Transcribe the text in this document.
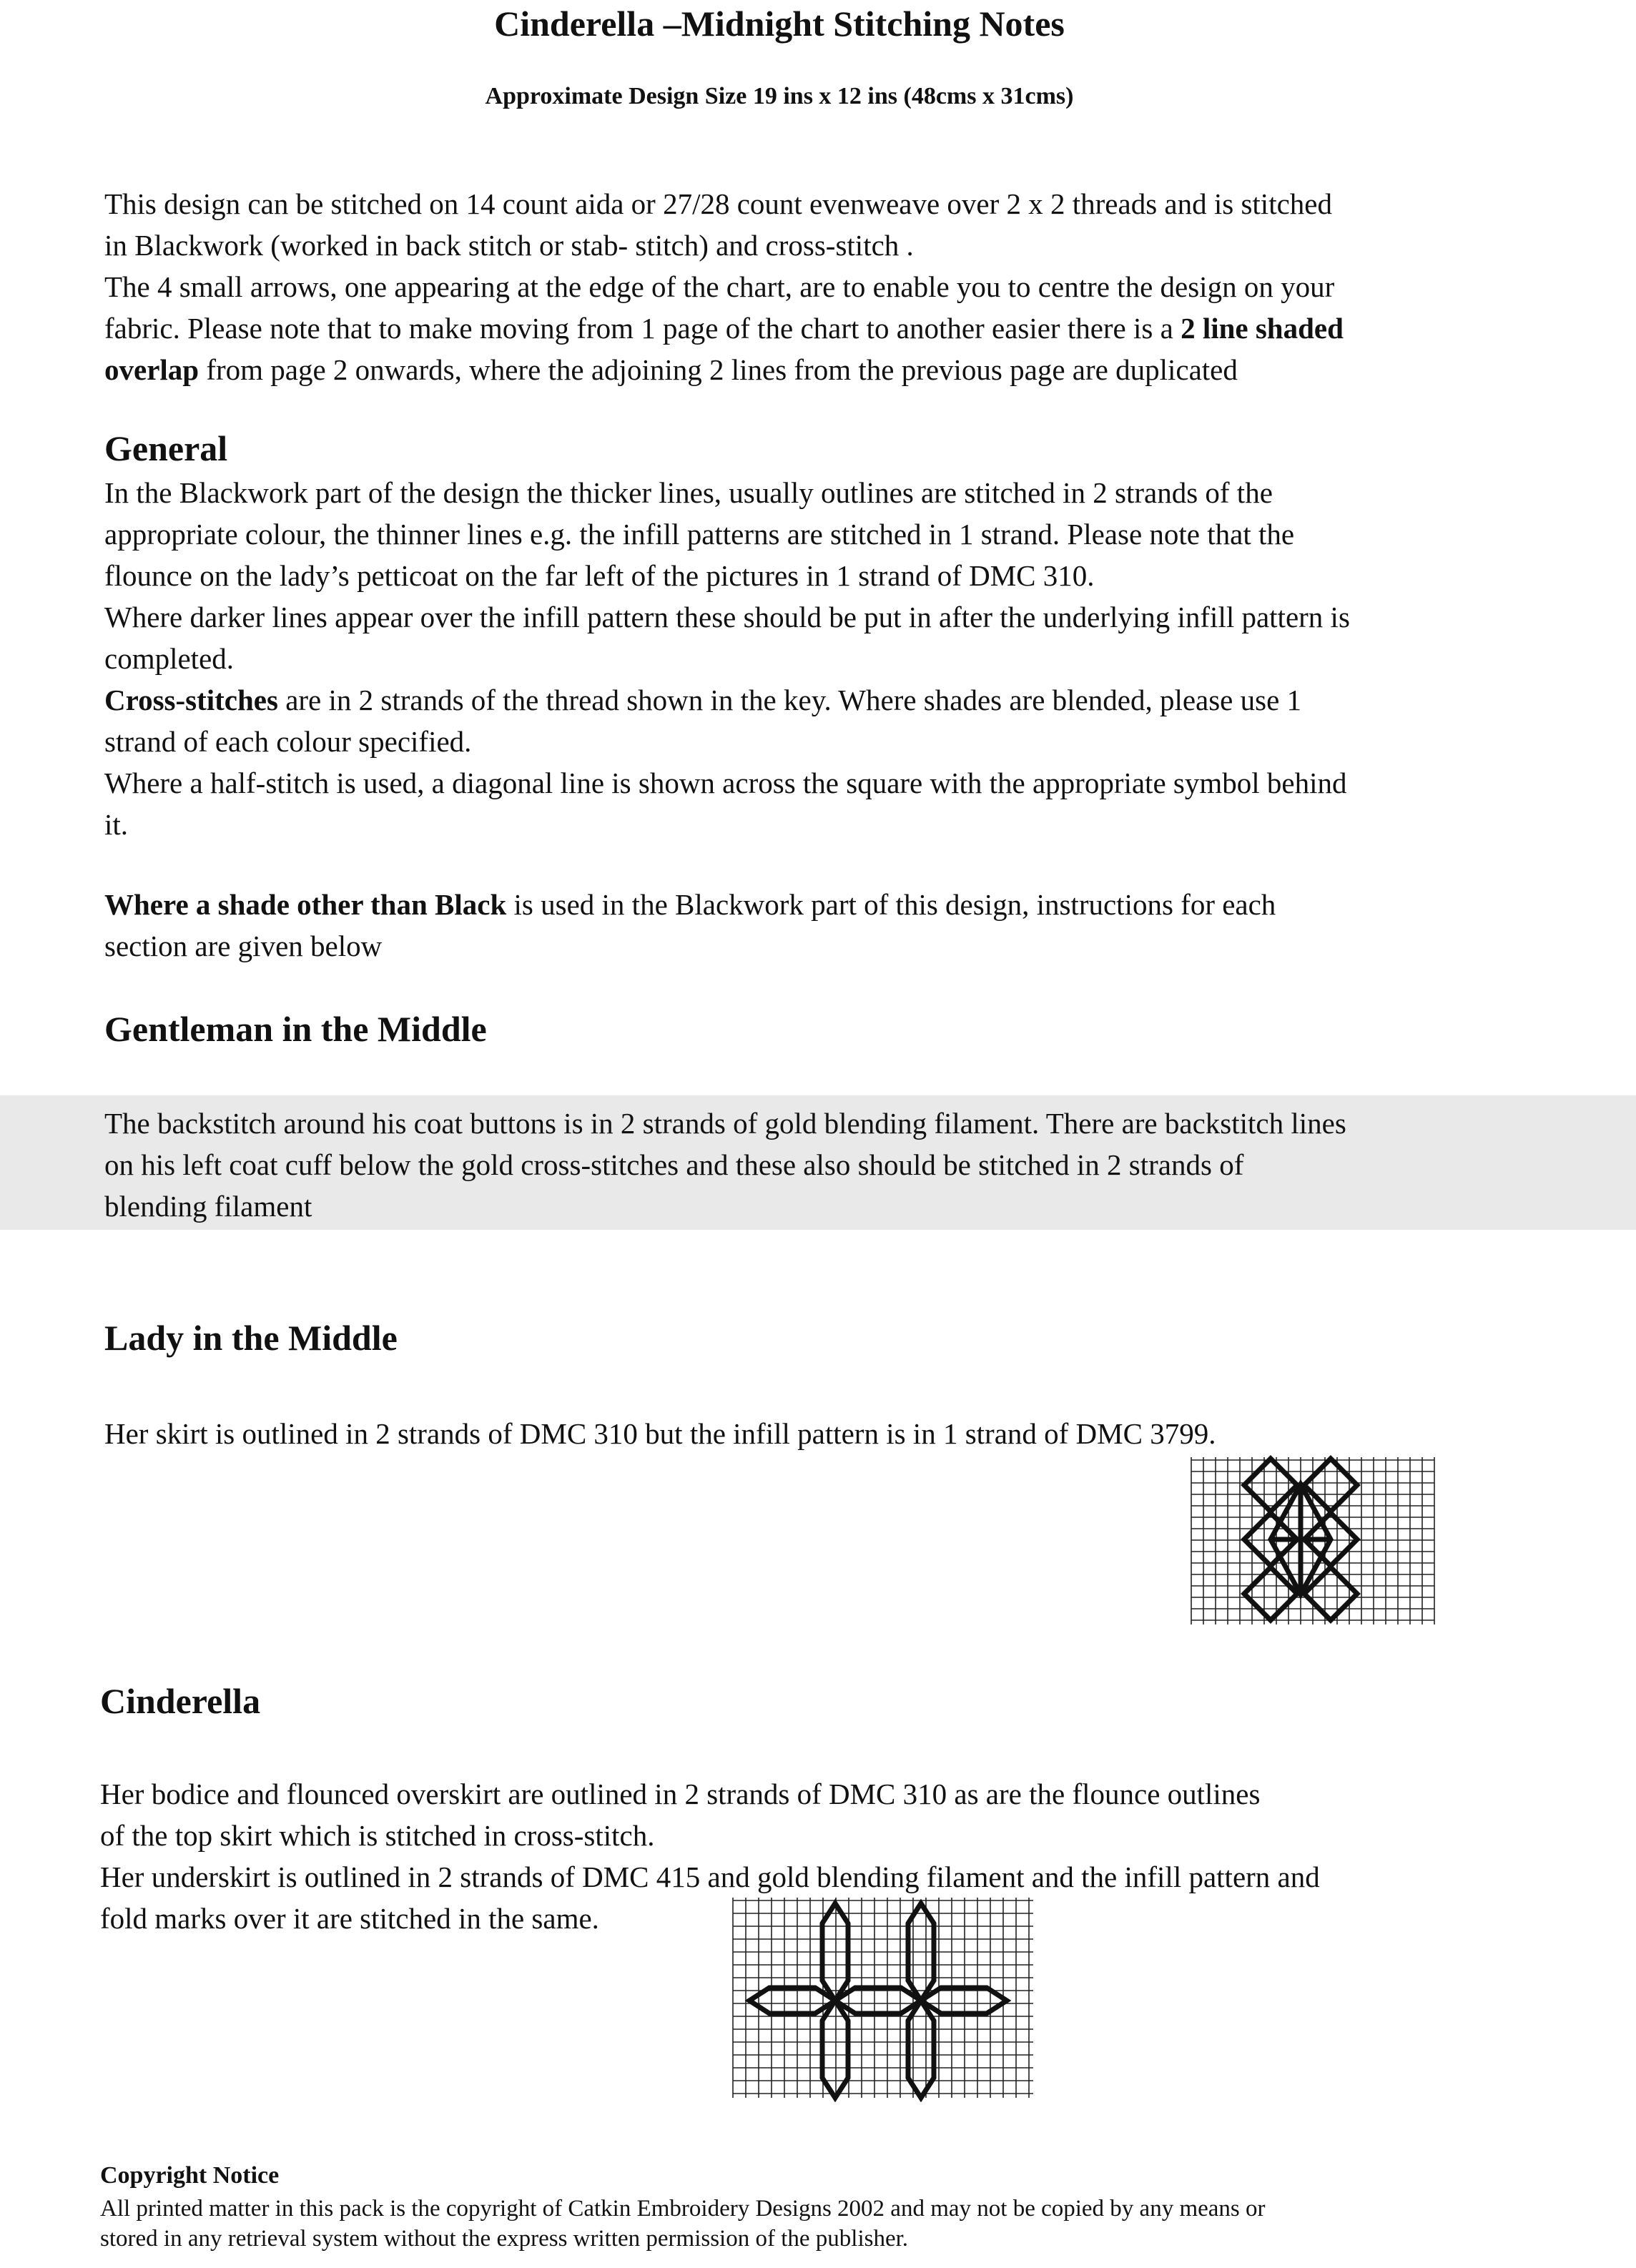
Cinderella –Midnight Stitching Notes
Approximate Design Size 19 ins x 12 ins (48cms x 31cms)
This design can be stitched on 14 count aida or 27/28 count evenweave over 2 x 2 threads and is stitched
in Blackwork (worked in back stitch or stab- stitch) and cross-stitch .
The 4 small arrows, one appearing at the edge of the chart, are to enable you to centre the design on your
fabric. Please note that to make moving from 1 page of the chart to another easier there is a 2 line shaded
overlap from page 2 onwards, where the adjoining 2 lines from the previous page are duplicated
General
In the Blackwork part of the design the thicker lines, usually outlines are stitched in 2 strands of the
appropriate colour, the thinner lines e.g. the infill patterns are stitched in 1 strand. Please note that the
flounce on the lady’s petticoat on the far left of the pictures in 1 strand of DMC 310.
Where darker lines appear over the infill pattern these should be put in after the underlying infill pattern is
completed.
Cross-stitches are in 2 strands of the thread shown in the key. Where shades are blended, please use 1
strand of each colour specified.
Where a half-stitch is used, a diagonal line is shown across the square with the appropriate symbol behind
it.
Where a shade other than Black is used in the Blackwork part of this design, instructions for each
section are given below
Gentleman in the Middle
The backstitch around his coat buttons is in 2 strands of gold blending filament. There are backstitch lines
on his left coat cuff below the gold cross-stitches and these also should be stitched in 2 strands of
blending filament
Lady in the Middle
Her skirt is outlined in 2 strands of DMC 310 but the infill pattern is in 1 strand of DMC 3799.
Cinderella
Her bodice and flounced overskirt are outlined in 2 strands of DMC 310 as are the flounce outlines
of the top skirt which is stitched in cross-stitch.
Her underskirt is outlined in 2 strands of DMC 415 and gold blending filament and the infill pattern and
fold marks over it are stitched in the same.
Copyright Notice
All printed matter in this pack is the copyright of Catkin Embroidery Designs 2002 and may not be copied by any means or
stored in any retrieval system without the express written permission of the publisher.
